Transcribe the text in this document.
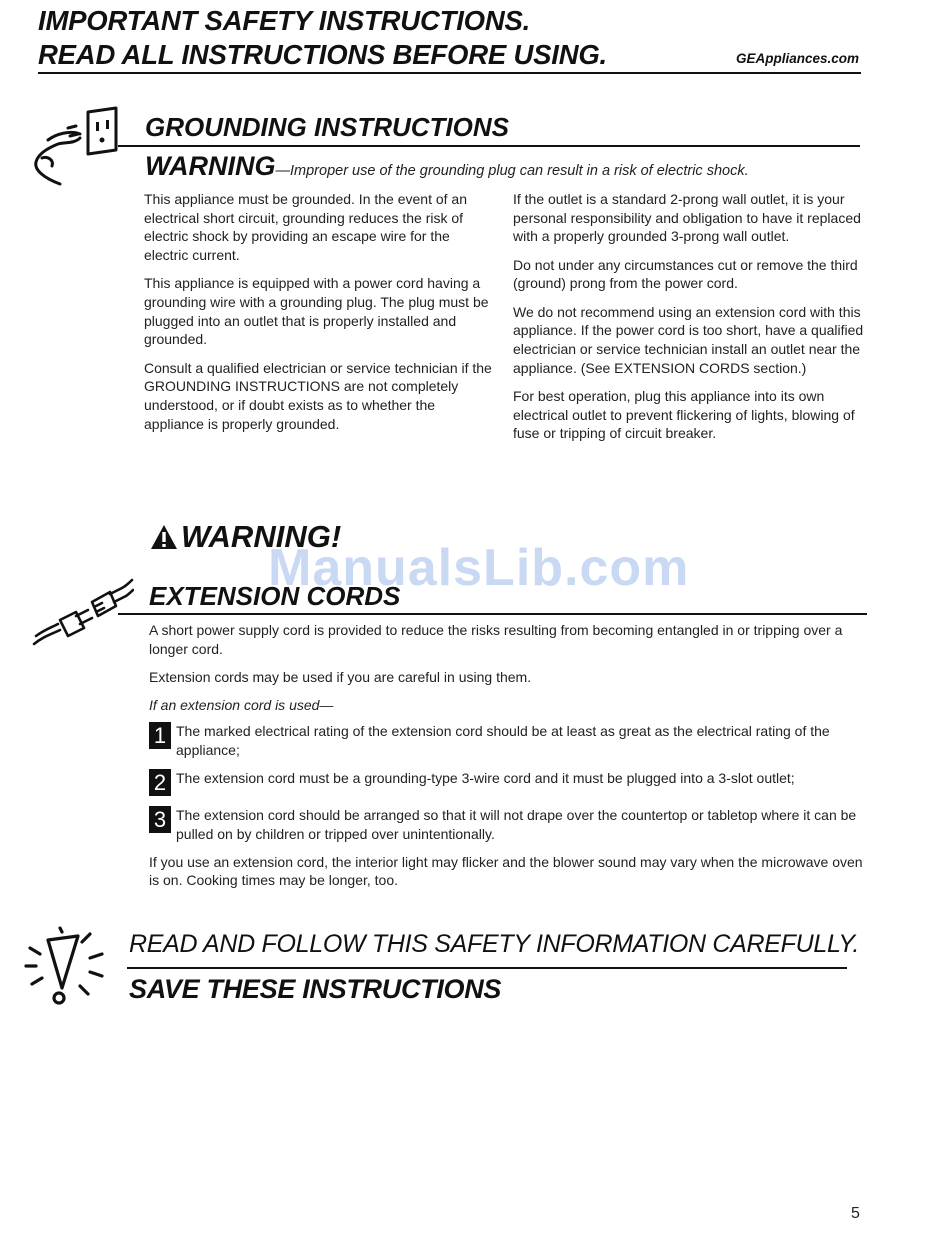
IMPORTANT SAFETY INSTRUCTIONS.
READ ALL INSTRUCTIONS BEFORE USING.	GEAppliances.com
GROUNDING INSTRUCTIONS
WARNING—Improper use of the grounding plug can result in a risk of electric shock.

This appliance must be grounded. In the event of an electrical short circuit, grounding reduces the risk of electric shock by providing an escape wire for the electric current.

This appliance is equipped with a power cord having a grounding wire with a grounding plug. The plug must be plugged into an outlet that is properly installed and grounded.

Consult a qualified electrician or service technician if the GROUNDING INSTRUCTIONS are not completely understood, or if doubt exists as to whether the appliance is properly grounded.

If the outlet is a standard 2-prong wall outlet, it is your personal responsibility and obligation to have it replaced with a properly grounded 3-prong wall outlet.

Do not under any circumstances cut or remove the third (ground) prong from the power cord.

We do not recommend using an extension cord with this appliance. If the power cord is too short, have a qualified electrician or service technician install an outlet near the appliance. (See EXTENSION CORDS section.)

For best operation, plug this appliance into its own electrical outlet to prevent flickering of lights, blowing of fuse or tripping of circuit breaker.

WARNING!
ManualsLib.com
EXTENSION CORDS

A short power supply cord is provided to reduce the risks resulting from becoming entangled in or tripping over a longer cord.

Extension cords may be used if you are careful in using them.

If an extension cord is used—

1 The marked electrical rating of the extension cord should be at least as great as the electrical rating of the appliance;
2 The extension cord must be a grounding-type 3-wire cord and it must be plugged into a 3-slot outlet;
3 The extension cord should be arranged so that it will not drape over the countertop or tabletop where it can be pulled on by children or tripped over unintentionally.

If you use an extension cord, the interior light may flicker and the blower sound may vary when the microwave oven is on. Cooking times may be longer, too.

READ AND FOLLOW THIS SAFETY INFORMATION CAREFULLY.
SAVE THESE INSTRUCTIONS
5
